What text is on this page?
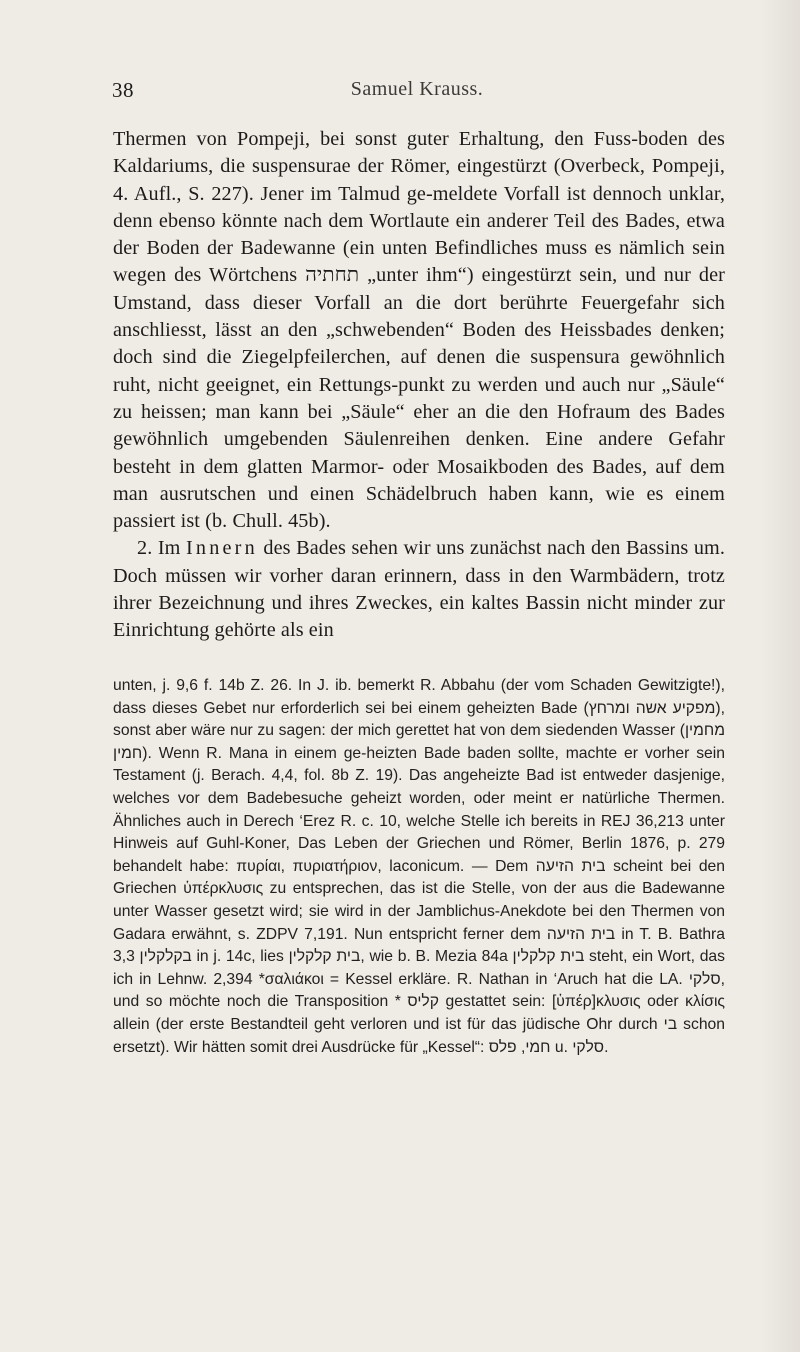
38	Samuel Krauss.

Thermen von Pompeji, bei sonst guter Erhaltung, den Fuss-boden des Kaldariums, die suspensurae der Römer, eingestürzt (Overbeck, Pompeji, 4. Aufl., S. 227). Jener im Talmud ge-meldete Vorfall ist dennoch unklar, denn ebenso könnte nach dem Wortlaute ein anderer Teil des Bades, etwa der Boden der Badewanne (ein unten Befindliches muss es nämlich sein wegen des Wörtchens תחתיה „unter ihm“) eingestürzt sein, und nur der Umstand, dass dieser Vorfall an die dort berührte Feuergefahr sich anschliesst, lässt an den „schwebenden“ Boden des Heissbades denken; doch sind die Ziegelpfeilerchen, auf denen die suspensura gewöhnlich ruht, nicht geeignet, ein Rettungs-punkt zu werden und auch nur „Säule“ zu heissen; man kann bei „Säule“ eher an die den Hofraum des Bades gewöhnlich umgebenden Säulenreihen denken. Eine andere Gefahr besteht in dem glatten Marmor- oder Mosaikboden des Bades, auf dem man ausrutschen und einen Schädelbruch haben kann, wie es einem passiert ist (b. Chull. 45b).

2. Im Innern des Bades sehen wir uns zunächst nach den Bassins um. Doch müssen wir vorher daran erinnern, dass in den Warmbädern, trotz ihrer Bezeichnung und ihres Zweckes, ein kaltes Bassin nicht minder zur Einrichtung gehörte als ein

unten, j. 9,6 f. 14b Z. 26. In J. ib. bemerkt R. Abbahu (der vom Schaden Gewitzigte!), dass dieses Gebet nur erforderlich sei bei einem geheizten Bade (מפקיע אשה ומרחץ), sonst aber wäre nur zu sagen: der mich gerettet hat von dem siedenden Wasser (מחמין חמין). Wenn R. Mana in einem ge-heizten Bade baden sollte, machte er vorher sein Testament (j. Berach. 4,4, fol. 8b Z. 19). Das angeheizte Bad ist entweder dasjenige, welches vor dem Badebesuche geheizt worden, oder meint er natürliche Thermen. Ähnliches auch in Derech ‘Erez R. c. 10, welche Stelle ich bereits in REJ 36,213 unter Hinweis auf Guhl-Koner, Das Leben der Griechen und Römer, Berlin 1876, p. 279 behandelt habe: πυρίαι, πυριατήριον, laconicum. — Dem בית הזיעה scheint bei den Griechen ὑπέρκλυσις zu entsprechen, das ist die Stelle, von der aus die Badewanne unter Wasser gesetzt wird; sie wird in der Jamblichus-Anekdote bei den Thermen von Gadara erwähnt, s. ZDPV 7,191. Nun entspricht ferner dem בית הזיעה in T. B. Bathra 3,3 בקלקלין in j. 14c, lies בית קלקלין, wie b. B. Mezia 84a בית קלקלין steht, ein Wort, das ich in Lehnw. 2,394 *σαλιάκοι = Kessel erkläre. R. Nathan in ‘Aruch hat die LA. סלקי, und so möchte noch die Transposition * קליס gestattet sein: [ὑπέρ]κλυσις oder κλίσις allein (der erste Bestandteil geht verloren und ist für das jüdische Ohr durch בי schon ersetzt). Wir hätten somit drei Ausdrücke für „Kessel“: חמי, פלס u. סלקי.
